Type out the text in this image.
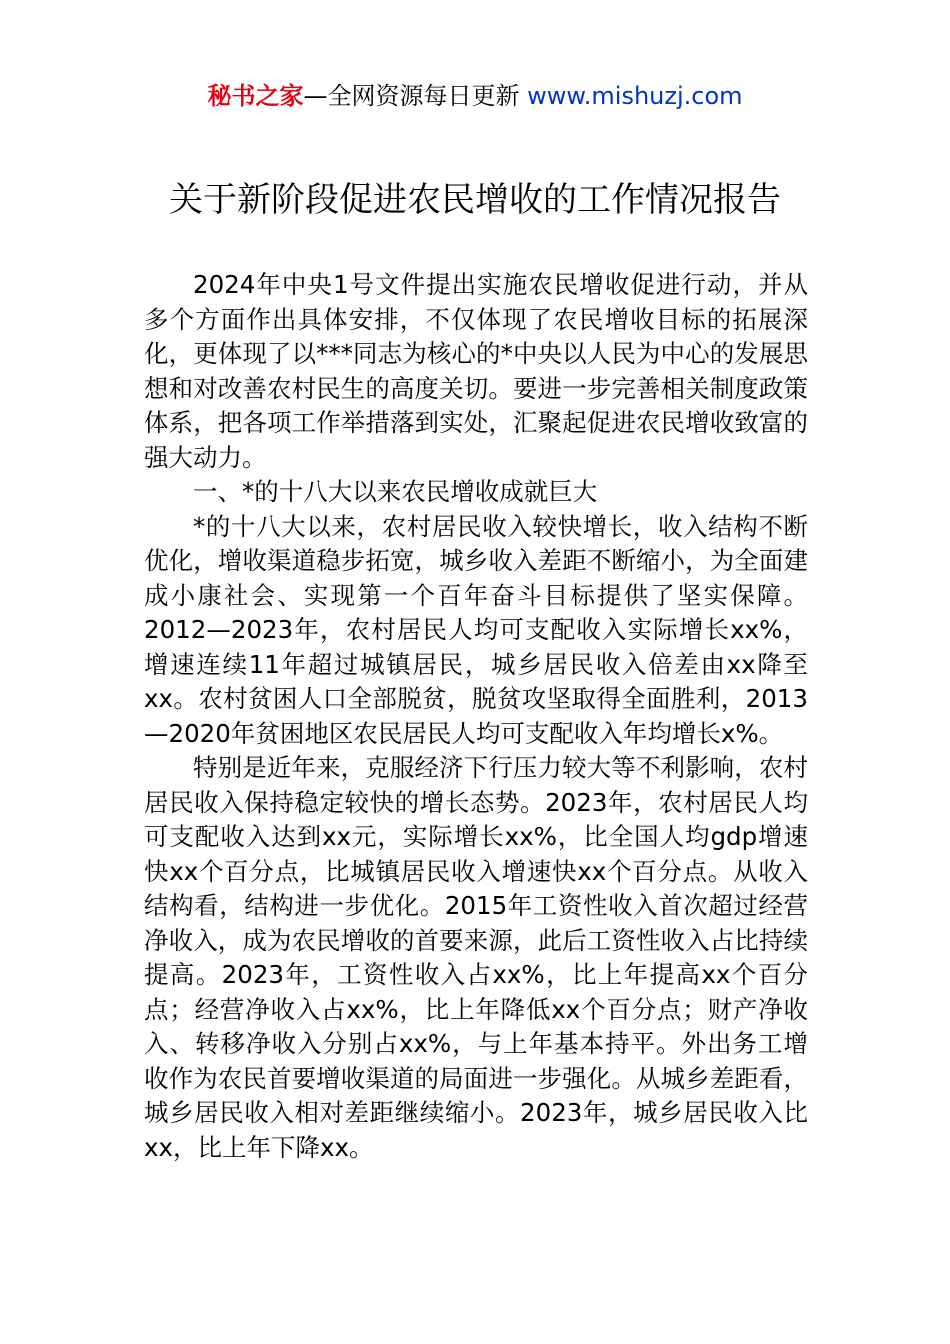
秘书之家—全网资源每日更新 www.mishuzj.com
关于新阶段促进农民增收的工作情况报告

2024年中央1号文件提出实施农民增收促进行动，并从多个方面作出具体安排，不仅体现了农民增收目标的拓展深化，更体现了以***同志为核心的*中央以人民为中心的发展思想和对改善农村民生的高度关切。要进一步完善相关制度政策体系，把各项工作举措落到实处，汇聚起促进农民增收致富的强大动力。

一、*的十八大以来农民增收成就巨大

*的十八大以来，农村居民收入较快增长，收入结构不断优化，增收渠道稳步拓宽，城乡收入差距不断缩小，为全面建成小康社会、实现第一个百年奋斗目标提供了坚实保障。2012—2023年，农村居民人均可支配收入实际增长xx%，增速连续11年超过城镇居民，城乡居民收入倍差由xx降至xx。农村贫困人口全部脱贫，脱贫攻坚取得全面胜利，2013—2020年贫困地区农民居民人均可支配收入年均增长x%。

特别是近年来，克服经济下行压力较大等不利影响，农村居民收入保持稳定较快的增长态势。2023年，农村居民人均可支配收入达到xx元，实际增长xx%，比全国人均gdp增速快xx个百分点，比城镇居民收入增速快xx个百分点。从收入结构看，结构进一步优化。2015年工资性收入首次超过经营净收入，成为农民增收的首要来源，此后工资性收入占比持续提高。2023年，工资性收入占xx%，比上年提高xx个百分点；经营净收入占xx%，比上年降低xx个百分点；财产净收入、转移净收入分别占xx%，与上年基本持平。外出务工增收作为农民首要增收渠道的局面进一步强化。从城乡差距看，城乡居民收入相对差距继续缩小。2023年，城乡居民收入比xx，比上年下降xx。
